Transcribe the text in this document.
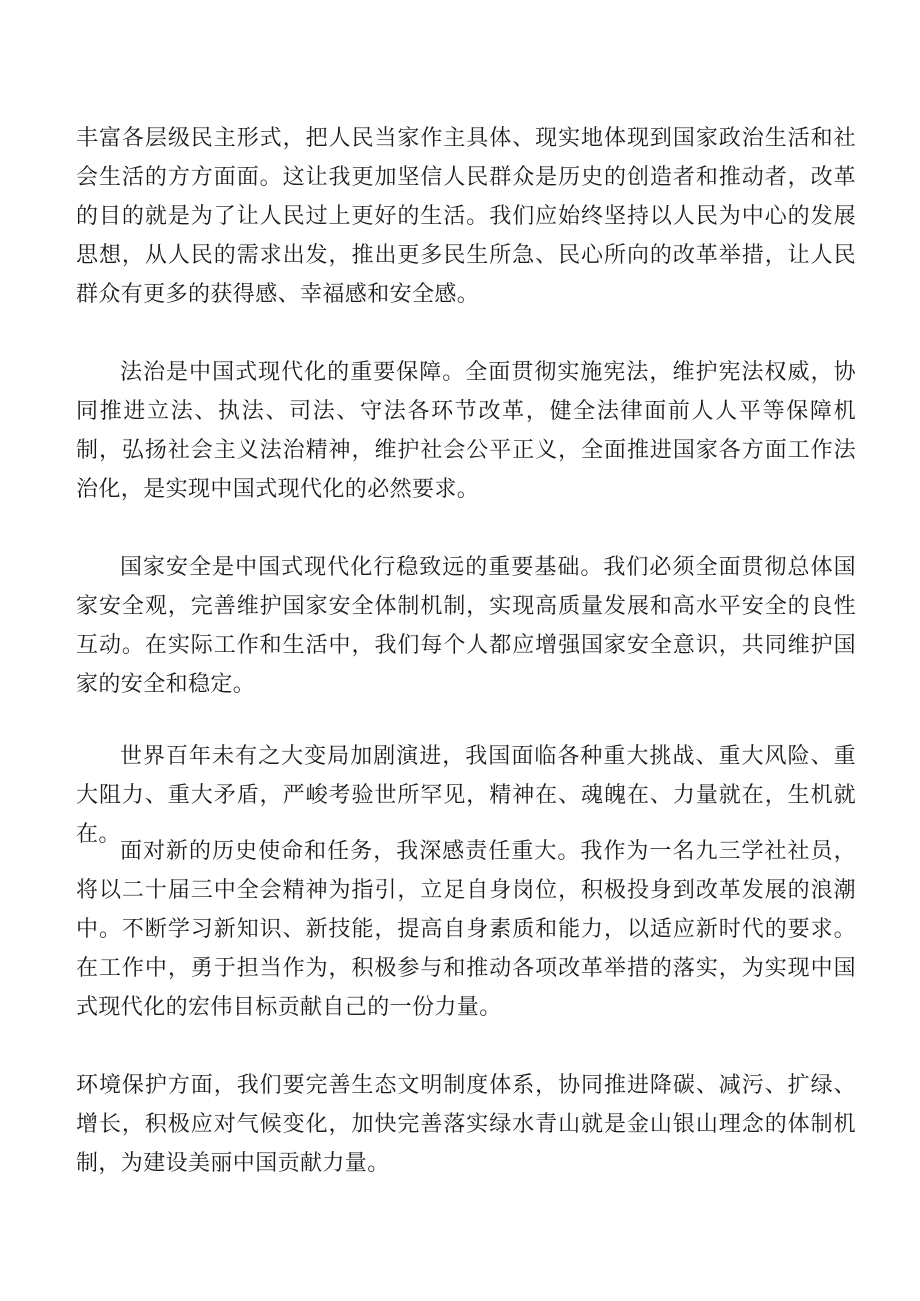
丰富各层级民主形式，把人民当家作主具体、现实地体现到国家政治生活和社会生活的方方面面。这让我更加坚信人民群众是历史的创造者和推动者，改革的目的就是为了让人民过上更好的生活。我们应始终坚持以人民为中心的发展思想，从人民的需求出发，推出更多民生所急、民心所向的改革举措，让人民群众有更多的获得感、幸福感和安全感。

法治是中国式现代化的重要保障。全面贯彻实施宪法，维护宪法权威，协同推进立法、执法、司法、守法各环节改革，健全法律面前人人平等保障机制，弘扬社会主义法治精神，维护社会公平正义，全面推进国家各方面工作法治化，是实现中国式现代化的必然要求。

国家安全是中国式现代化行稳致远的重要基础。我们必须全面贯彻总体国家安全观，完善维护国家安全体制机制，实现高质量发展和高水平安全的良性互动。在实际工作和生活中，我们每个人都应增强国家安全意识，共同维护国家的安全和稳定。

世界百年未有之大变局加剧演进，我国面临各种重大挑战、重大风险、重大阻力、重大矛盾，严峻考验世所罕见，精神在、魂魄在、力量就在，生机就在。

面对新的历史使命和任务，我深感责任重大。我作为一名九三学社社员，将以二十届三中全会精神为指引，立足自身岗位，积极投身到改革发展的浪潮中。不断学习新知识、新技能，提高自身素质和能力，以适应新时代的要求。在工作中，勇于担当作为，积极参与和推动各项改革举措的落实，为实现中国式现代化的宏伟目标贡献自己的一份力量。

环境保护方面，我们要完善生态文明制度体系，协同推进降碳、减污、扩绿、增长，积极应对气候变化，加快完善落实绿水青山就是金山银山理念的体制机制，为建设美丽中国贡献力量。
